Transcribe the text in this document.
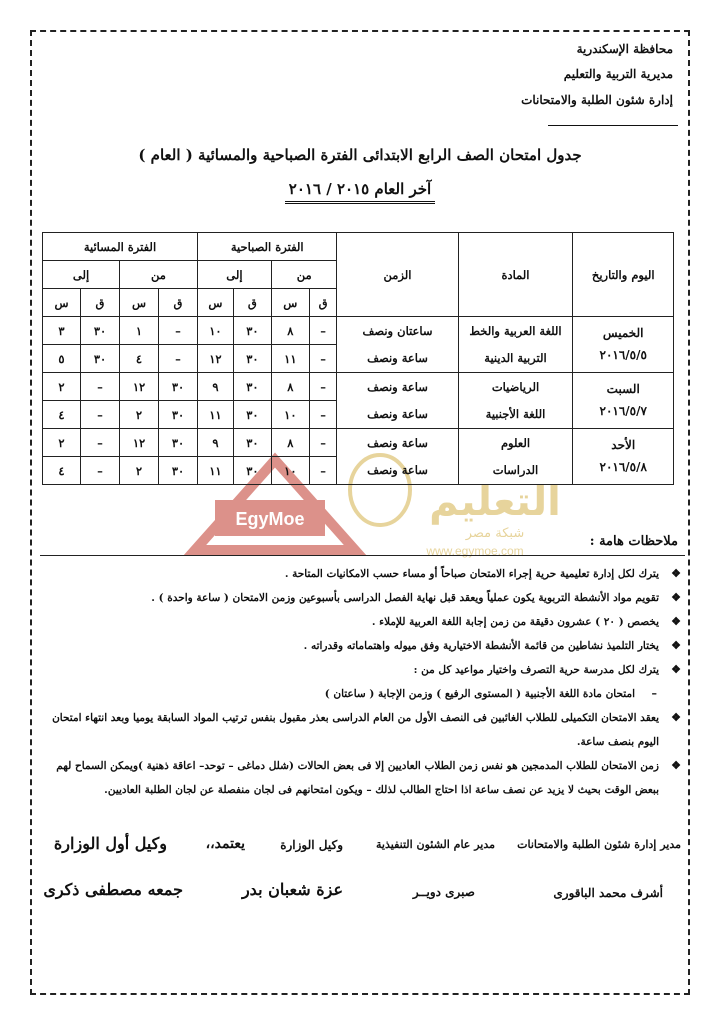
محافظة الإسكندرية
مديرية التربية والتعليم
إدارة شئون الطلبة والامتحانات
جدول امتحان الصف الرابع الابتدائى الفترة الصباحية والمسائية ( العام )
آخر العام ٢٠١٥ / ٢٠١٦
EgyMoe	التعليم
شبكة مصر
www.egymoe.com
اليوم والتاريخ	المادة	الزمن	الفترة الصباحية				الفترة المسائية			
			من		إلى		من		إلى	
			ق	س	ق	س	ق	س	ق	س

الخميس
٢٠١٦/٥/٥	اللغة العربية والخط	ساعتان ونصف	–	٨	٣٠	١٠	–	١	٣٠	٣
	التربية الدينية	ساعة ونصف	–	١١	٣٠	١٢	–	٤	٣٠	٥

السبت
٢٠١٦/٥/٧	الرياضيات	ساعة ونصف	–	٨	٣٠	٩	٣٠	١٢	–	٢
	اللغة الأجنبية	ساعة ونصف	–	١٠	٣٠	١١	٣٠	٢	–	٤

الأحد
٢٠١٦/٥/٨	العلوم	ساعة ونصف	–	٨	٣٠	٩	٣٠	١٢	–	٢
	الدراسات	ساعة ونصف	–	١٠	٣٠	١١	٣٠	٢	–	٤
ملاحظات هامة :
❖
يترك لكل إدارة تعليمية حرية إجراء الامتحان صباحاً أو مساء حسب الامكانيات المتاحة .
❖
تقويم مواد الأنشطة التربوية يكون عملياً ويعقد قبل نهاية الفصل الدراسى بأسبوعين وزمن الامتحان ( ساعة واحدة ) .
❖
يخصص ( ٢٠ ) عشرون دقيقة من زمن إجابة اللغة العربية للإملاء .
❖
يختار التلميذ نشاطين من قائمة الأنشطة الاختيارية وفق ميوله واهتماماته وقدراته .
❖
يترك لكل مدرسة حرية التصرف واختيار مواعيد كل من :
–
امتحان مادة اللغة الأجنبية ( المستوى الرفيع ) وزمن الإجابة ( ساعتان )
❖
يعقد الامتحان التكميلى للطلاب الغائبين فى النصف الأول من العام الدراسى بعذر مقبول بنفس ترتيب المواد السابقة يوميا وبعد انتهاء امتحان اليوم بنصف ساعة.
❖
زمن الامتحان للطلاب المدمجين هو نفس زمن الطلاب العاديين إلا فى بعض الحالات (شلل دماغى – توحد– اعاقة ذهنية )ويمكن السماح لهم ببعض الوقت بحيث لا يزيد عن نصف ساعة اذا احتاج الطالب لذلك – ويكون امتحانهم فى لجان منفصلة عن لجان الطلبة العاديين.
مدير إدارة شئون الطلبة والامتحانات
مدير عام الشئون التنفيذية
وكيل الوزارة
يعتمد،،
وكيل أول الوزارة
أشرف محمد الباقورى
صبرى دويــر
عزة شعبان بدر
جمعه مصطفى ذكرى
